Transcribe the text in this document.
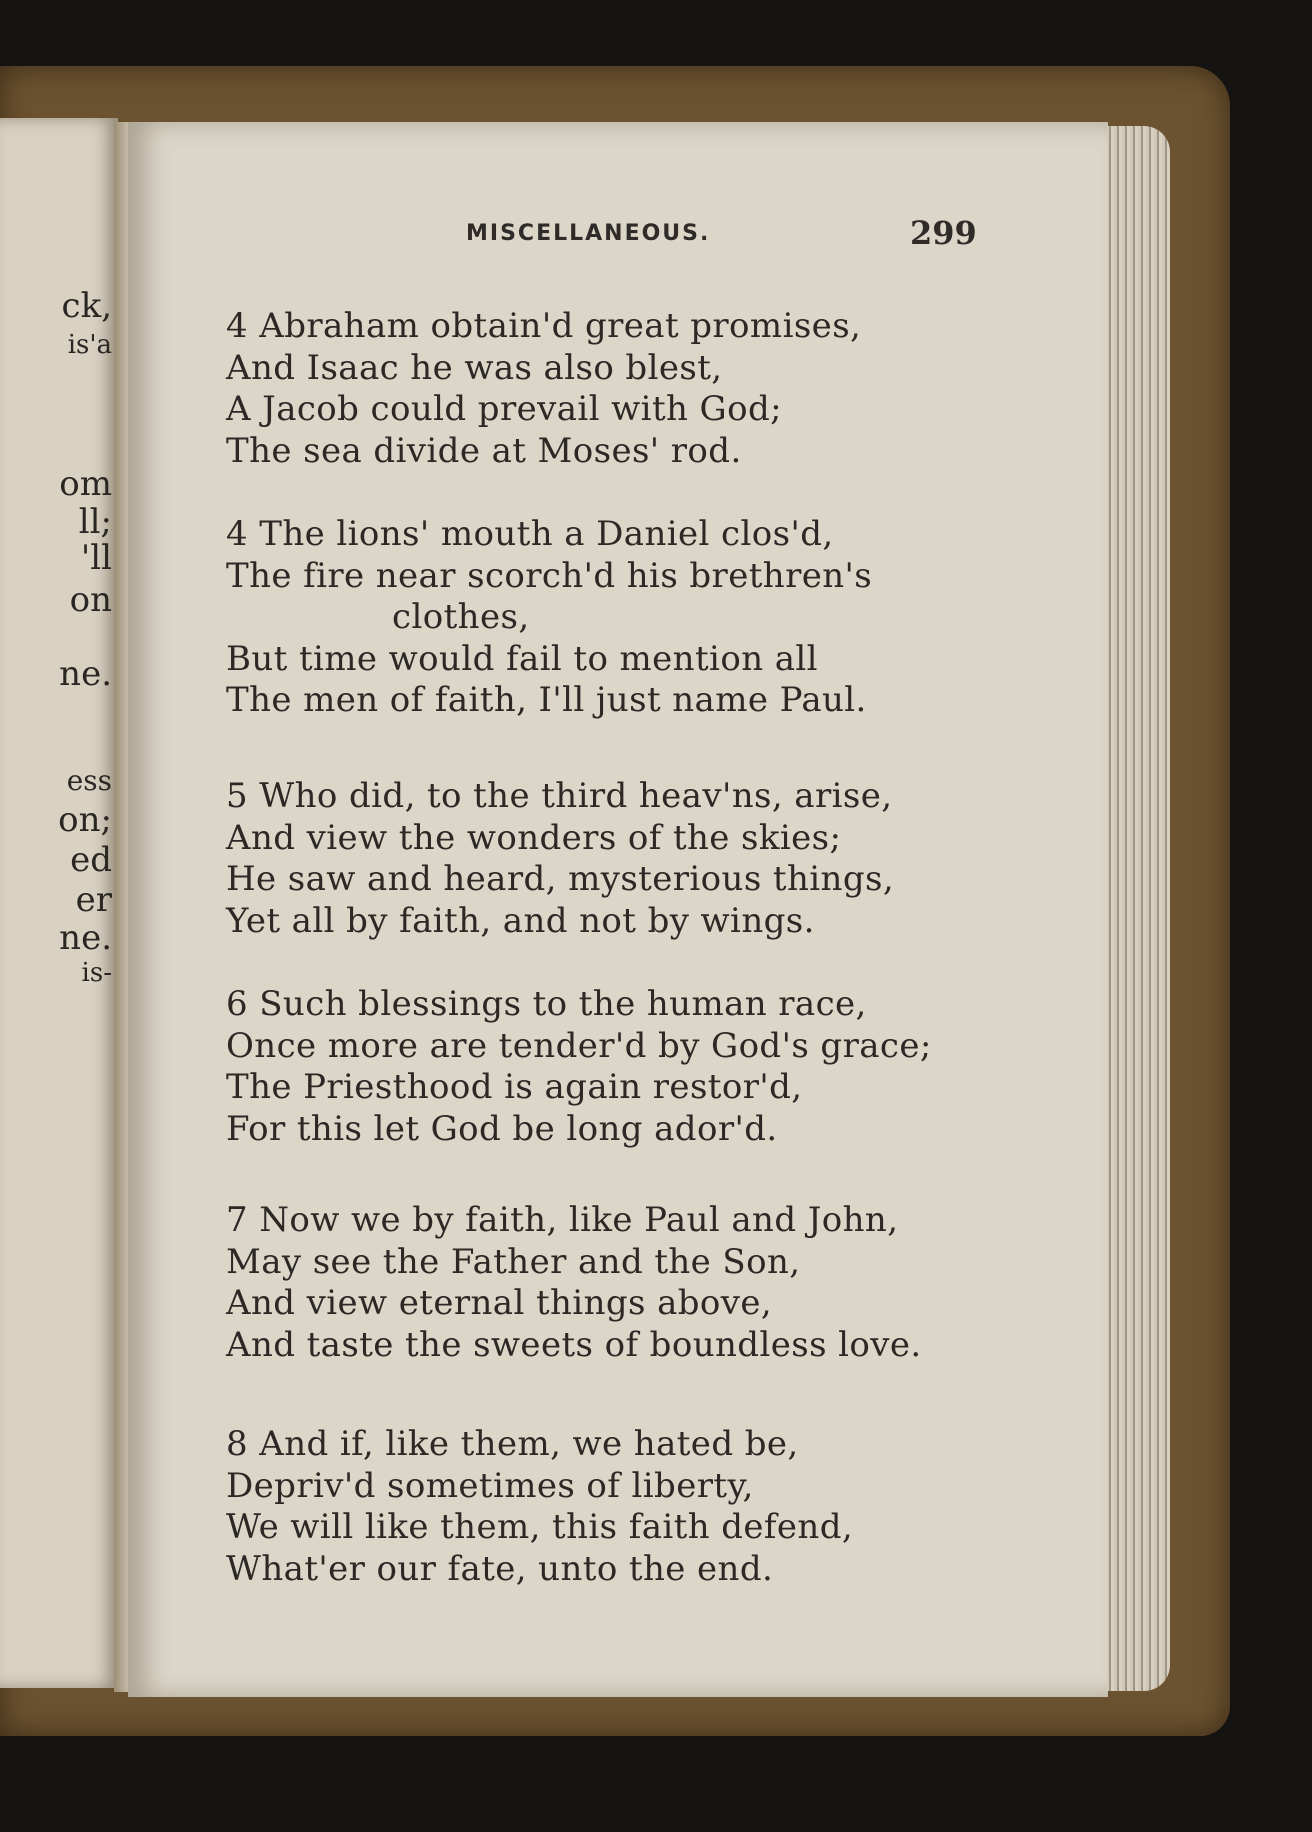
ck,
is'a
om
ll;
'll
on
ne.
ess
on;
ed
er
ne.
is-
MISCELLANEOUS.	299
4 Abraham obtain'd great promises,
And Isaac he was also blest,
A Jacob could prevail with God;
The sea divide at Moses' rod.
4 The lions' mouth a Daniel clos'd,
The fire near scorch'd his brethren's
clothes,
But time would fail to mention all
The men of faith, I'll just name Paul.
5 Who did, to the third heav'ns, arise,
And view the wonders of the skies;
He saw and heard, mysterious things,
Yet all by faith, and not by wings.
6 Such blessings to the human race,
Once more are tender'd by God's grace;
The Priesthood is again restor'd,
For this let God be long ador'd.
7 Now we by faith, like Paul and John,
May see the Father and the Son,
And view eternal things above,
And taste the sweets of boundless love.
8 And if, like them, we hated be,
Depriv'd sometimes of liberty,
We will like them, this faith defend,
What'er our fate, unto the end.
